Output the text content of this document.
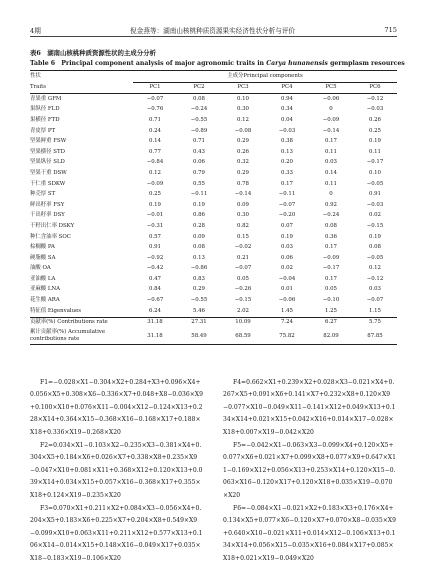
4期	倪金燕等：湖南山核桃种质资源果实经济性状分析与评价	715
表6　湖南山核桃种质资源性状的主成分分析
Table 6　Principal component analysis of major agronomic traits in Carya hunanensis germplasm resources
性状	主成分Principal components					

Traits	PC1	PC2	PC3	PC4	PC5	PC6
青果重 GFM	−0.07	0.08	0.10	0.94	−0.06	−0.12
果纵径 FLD	−0.76	−0.24	0.30	0.34	0	−0.03
果横径 FTD	0.71	−0.55	0.12	0.04	−0.09	0.26
青皮厚 PT	0.24	−0.89	−0.08	−0.03	−0.14	0.25
坚果鲜重 FSW	0.14	0.71	0.29	0.38	0.17	0.19
坚果横径 STD	0.77	0.43	0.26	0.13	0.11	0.11
坚果纵径 SLD	−0.84	0.06	0.32	0.20	0.03	−0.17
坚果干重 DSW	0.12	0.79	0.29	0.33	0.14	0.10
干仁重 SDKW	−0.09	0.55	0.78	0.17	0.11	−0.05
种壳厚 ST	0.25	−0.11	−0.14	−0.11	0	0.91
鲜出籽率 FSY	0.19	0.19	0.09	−0.07	0.92	−0.03
干出籽率 DSY	−0.01	0.86	0.30	−0.20	−0.24	0.02
干籽出仁率 DSKY	−0.31	0.28	0.82	0.07	0.08	−0.15
种仁含油率 SOC	0.57	0.09	0.15	0.19	0.36	0.19
棕榈酸 PA	0.91	0.08	−0.02	0.03	0.17	0.08
硬脂酸 SA	−0.92	0.13	0.21	0.06	−0.09	−0.05
油酸 OA	−0.42	−0.86	−0.07	0.02	−0.17	0.12
亚油酸 LA	0.47	0.83	0.05	−0.04	0.17	−0.12
亚麻酸 LNA	0.84	0.29	−0.26	0.01	0.05	0.03
花生酸 ARA	−0.67	−0.55	−0.15	−0.06	−0.10	−0.07
特征值 Eigenvalues	6.24	5.46	2.02	1.45	1.25	1.15
贡献率(%) Contributions rate	31.18	27.31	10.09	7.24	6.27	5.75
累计贡献率(%) Accumulative contributions rate	31.18	58.49	68.59	75.82	82.09	87.85

F1=−0.028×X1−0.304×X2+0.284+X3+0.096×X4+0.056×X5+0.308×X6−0.336×X7+0.048+X8−0.036×X9+0.100×X10+0.076×X11−0.004×X12−0.124×X13+0.228×X14+0.364×X15−0.368×X16−0.168×X17+0.188×X18+0.336×X19−0.268×X20

F2=0.034×X1−0.103×X2−0.235×X3−0.381×X4+0.304×X5+0.184×X6+0.026×X7+0.338×X8+0.235×X9−0.047×X10+0.081×X11+0.368×X12+0.120×X13+0.039×X14+0.034×X15+0.057×X16−0.368×X17+0.355×X18+0.124×X19−0.235×X20

F3=0.070×X1+0.211×X2+0.084×X3−0.056×X4+0.204×X5+0.183×X6+0.225×X7+0.204×X8+0.549×X9−0.099×X10+0.063×X11+0.211×X12+0.577×X13+0.106×X14−0.014×X15+0.148×X16−0.049×X17+0.035×X18−0.183×X19−0.106×X20

F4=0.662×X1+0.239×X2+0.028×X3−0.021×X4+0.267×X5+0.091×X6+0.141×X7+0.232×X8+0.120×X9−0.077×X10−0.049×X11−0.141×X12+0.049×X13+0.134×X14+0.021×X15+0.042×X16+0.014×X17−0.028×X18+0.007×X19−0.042×X20

F5=−0.042×X1−0.063×X3−0.099×X4+0.120×X5+0.077×X6+0.021×X7+0.099×X8+0.077×X9+0.647×X11−0.169×X12+0.056×X13+0.253×X14+0.120×X15−0.063×X16−0.120×X17+0.120×X18+0.035×X19−0.070×X20

F6=−0.084×X1−0.021×X2+0.183×X3+0.176×X4+0.134×X5+0.077×X6−0.120×X7+0.070×X8−0.035×X9+0.640×X10−0.021×X11+0.014×X12−0.106×X13+0.134×X14+0.056×X15−0.035×X16+0.084×X17+0.085×X18+0.021×X19−0.049×X20
